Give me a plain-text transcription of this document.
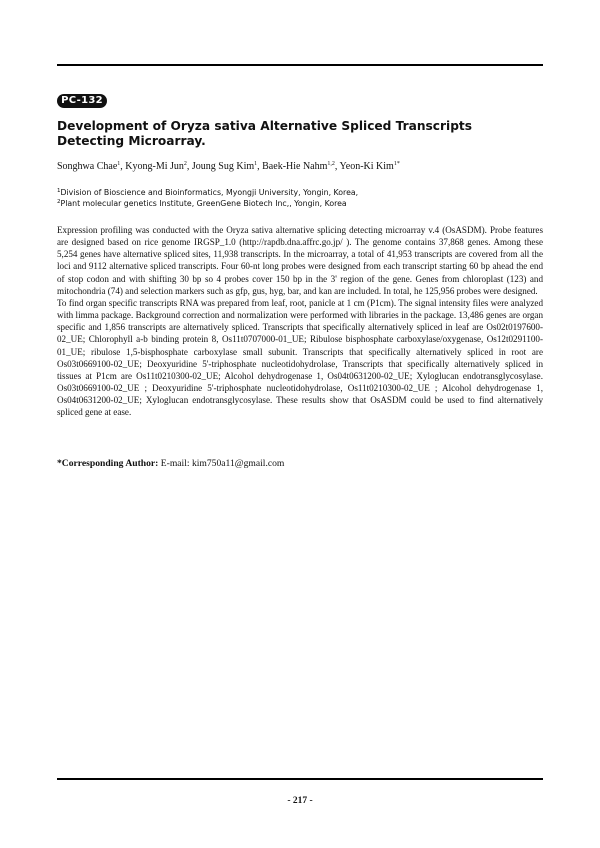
PC-132
Development of Oryza sativa Alternative Spliced Transcripts Detecting Microarray.
Songhwa Chae$^1$, Kyong-Mi Jun$^2$, Joung Sug Kim$^1$, Baek-Hie Nahm$^{1,2}$, Yeon-Ki Kim$^{1*}$
$^1$Division of Bioscience and Bioinformatics, Myongji University, Yongin, Korea,
$^2$Plant molecular genetics Institute, GreenGene Biotech Inc,, Yongin, Korea

Expression profiling was conducted with the Oryza sativa alternative splicing detecting microarray v.4 (OsASDM). Probe features are designed based on rice genome IRGSP_1.0 (http://rapdb.dna.affrc.go.jp/ ). The genome contains 37,868 genes. Among these 5,254 genes have alternative spliced sites, 11,938 transcripts. In the microarray, a total of 41,953 transcripts are covered from all the loci and 9112 alternative spliced transcripts. Four 60-nt long probes were designed from each transcript starting 60 bp ahead the end of stop codon and with shifting 30 bp so 4 probes cover 150 bp in the 3' region of the gene. Genes from chloroplast (123) and mitochondria (74) and selection markers such as gfp, gus, hyg, bar, and kan are included. In total, he 125,956 probes were designed.

To find organ specific transcripts RNA was prepared from leaf, root, panicle at 1 cm (P1cm). The signal intensity files were analyzed with limma package. Background correction and normalization were performed with libraries in the package. 13,486 genes are organ specific and 1,856 transcripts are alternatively spliced. Transcripts that specifically alternatively spliced in leaf are Os02t0197600-02_UE; Chlorophyll a-b binding protein 8, Os11t0707000-01_UE; Ribulose bisphosphate carboxylase/oxygenase, Os12t0291100-01_UE; ribulose 1,5-bisphosphate carboxylase small subunit. Transcripts that specifically alternatively spliced in root are Os03t0669100-02_UE; Deoxyuridine 5'-triphosphate nucleotidohydrolase, Transcripts that specifically alternatively spliced in tissues at P1cm are Os11t0210300-02_UE; Alcohol dehydrogenase 1, Os04t0631200-02_UE; Xyloglucan endotransglycosylase. Os03t0669100-02_UE ; Deoxyuridine 5'-triphosphate nucleotidohydrolase, Os11t0210300-02_UE ; Alcohol dehydrogenase 1, Os04t0631200-02_UE; Xyloglucan endotransglycosylase. These results show that OsASDM could be used to find alternatively spliced gene at ease.

*Corresponding Author: E-mail: kim750a11@gmail.com
- 217 -
